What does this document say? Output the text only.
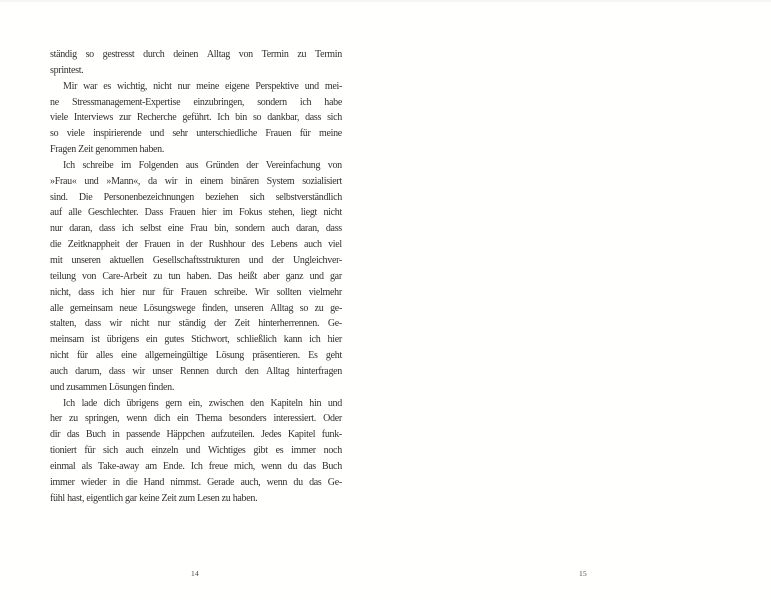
ständig so gestresst durch deinen Alltag von Termin zu Termin
sprintest.
Mir war es wichtig, nicht nur meine eigene Perspektive und mei-
ne Stressmanagement-Expertise einzubringen, sondern ich habe
viele Interviews zur Recherche geführt. Ich bin so dankbar, dass sich
so viele inspirierende und sehr unterschiedliche Frauen für meine
Fragen Zeit genommen haben.
Ich schreibe im Folgenden aus Gründen der Vereinfachung von
»Frau« und »Mann«, da wir in einem binären System sozialisiert
sind. Die Personenbezeichnungen beziehen sich selbstverständlich
auf alle Geschlechter. Dass Frauen hier im Fokus stehen, liegt nicht
nur daran, dass ich selbst eine Frau bin, sondern auch daran, dass
die Zeitknappheit der Frauen in der Rushhour des Lebens auch viel
mit unseren aktuellen Gesellschaftsstrukturen und der Ungleichver-
teilung von Care-Arbeit zu tun haben. Das heißt aber ganz und gar
nicht, dass ich hier nur für Frauen schreibe. Wir sollten vielmehr
alle gemeinsam neue Lösungswege finden, unseren Alltag so zu ge-
stalten, dass wir nicht nur ständig der Zeit hinterherrennen. Ge-
meinsam ist übrigens ein gutes Stichwort, schließlich kann ich hier
nicht für alles eine allgemeingültige Lösung präsentieren. Es geht
auch darum, dass wir unser Rennen durch den Alltag hinterfragen
und zusammen Lösungen finden.
Ich lade dich übrigens gern ein, zwischen den Kapiteln hin und
her zu springen, wenn dich ein Thema besonders interessiert. Oder
dir das Buch in passende Häppchen aufzuteilen. Jedes Kapitel funk-
tioniert für sich auch einzeln und Wichtiges gibt es immer noch
einmal als Take-away am Ende. Ich freue mich, wenn du das Buch
immer wieder in die Hand nimmst. Gerade auch, wenn du das Ge-
fühl hast, eigentlich gar keine Zeit zum Lesen zu haben.
14	15
